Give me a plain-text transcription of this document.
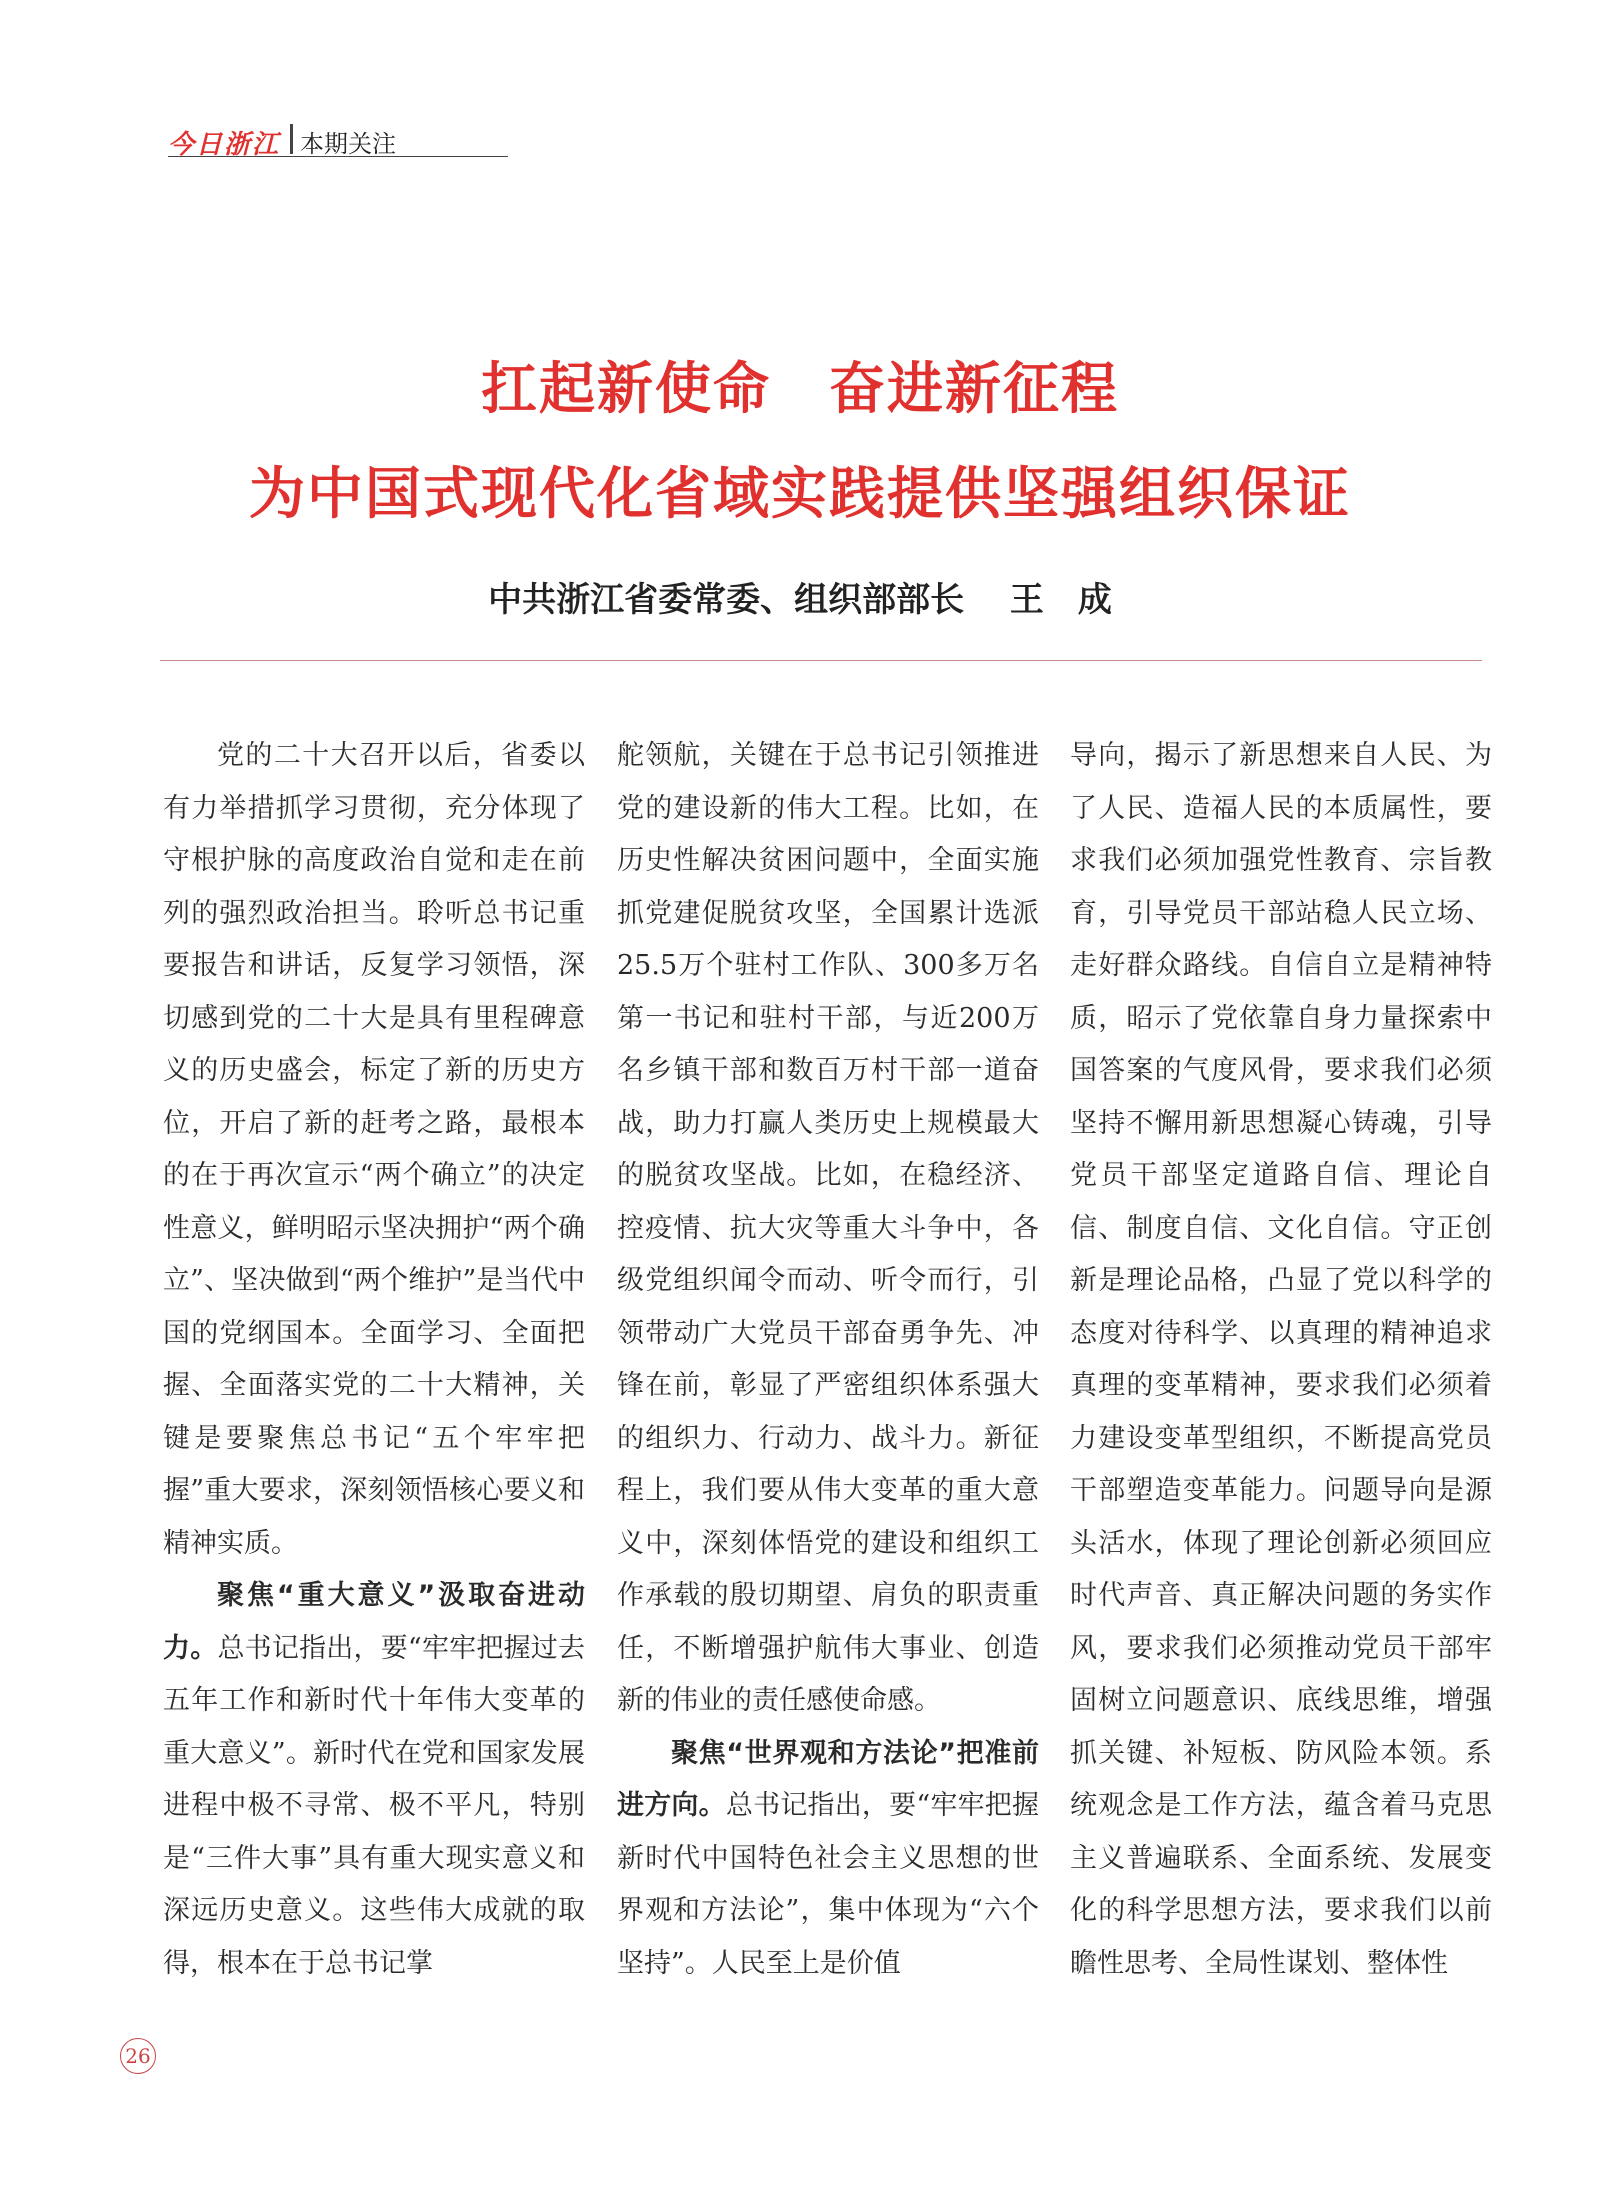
今日浙江 本期关注
扛起新使命　奋进新征程
为中国式现代化省域实践提供坚强组织保证
中共浙江省委常委、组织部部长　 王　成

党的二十大召开以后，省委以有力举措抓学习贯彻，充分体现了守根护脉的高度政治自觉和走在前列的强烈政治担当。聆听总书记重要报告和讲话，反复学习领悟，深切感到党的二十大是具有里程碑意义的历史盛会，标定了新的历史方位，开启了新的赶考之路，最根本的在于再次宣示“两个确立”的决定性意义，鲜明昭示坚决拥护“两个确立”、坚决做到“两个维护”是当代中国的党纲国本。全面学习、全面把握、全面落实党的二十大精神，关键是要聚焦总书记“五个牢牢把握”重大要求，深刻领悟核心要义和精神实质。

聚焦“重大意义”汲取奋进动力。总书记指出，要“牢牢把握过去五年工作和新时代十年伟大变革的重大意义”。新时代在党和国家发展进程中极不寻常、极不平凡，特别是“三件大事”具有重大现实意义和深远历史意义。这些伟大成就的取得，根本在于总书记掌

舵领航，关键在于总书记引领推进党的建设新的伟大工程。比如，在历史性解决贫困问题中，全面实施抓党建促脱贫攻坚，全国累计选派25.5万个驻村工作队、300多万名第一书记和驻村干部，与近200万名乡镇干部和数百万村干部一道奋战，助力打赢人类历史上规模最大的脱贫攻坚战。比如，在稳经济、控疫情、抗大灾等重大斗争中，各级党组织闻令而动、听令而行，引领带动广大党员干部奋勇争先、冲锋在前，彰显了严密组织体系强大的组织力、行动力、战斗力。新征程上，我们要从伟大变革的重大意义中，深刻体悟党的建设和组织工作承载的殷切期望、肩负的职责重任，不断增强护航伟大事业、创造新的伟业的责任感使命感。

聚焦“世界观和方法论”把准前进方向。总书记指出，要“牢牢把握新时代中国特色社会主义思想的世界观和方法论”，集中体现为“六个坚持”。人民至上是价值

导向，揭示了新思想来自人民、为了人民、造福人民的本质属性，要求我们必须加强党性教育、宗旨教育，引导党员干部站稳人民立场、走好群众路线。自信自立是精神特质，昭示了党依靠自身力量探索中国答案的气度风骨，要求我们必须坚持不懈用新思想凝心铸魂，引导党员干部坚定道路自信、理论自信、制度自信、文化自信。守正创新是理论品格，凸显了党以科学的态度对待科学、以真理的精神追求真理的变革精神，要求我们必须着力建设变革型组织，不断提高党员干部塑造变革能力。问题导向是源头活水，体现了理论创新必须回应时代声音、真正解决问题的务实作风，要求我们必须推动党员干部牢固树立问题意识、底线思维，增强抓关键、补短板、防风险本领。系统观念是工作方法，蕴含着马克思主义普遍联系、全面系统、发展变化的科学思想方法，要求我们以前瞻性思考、全局性谋划、整体性

26
